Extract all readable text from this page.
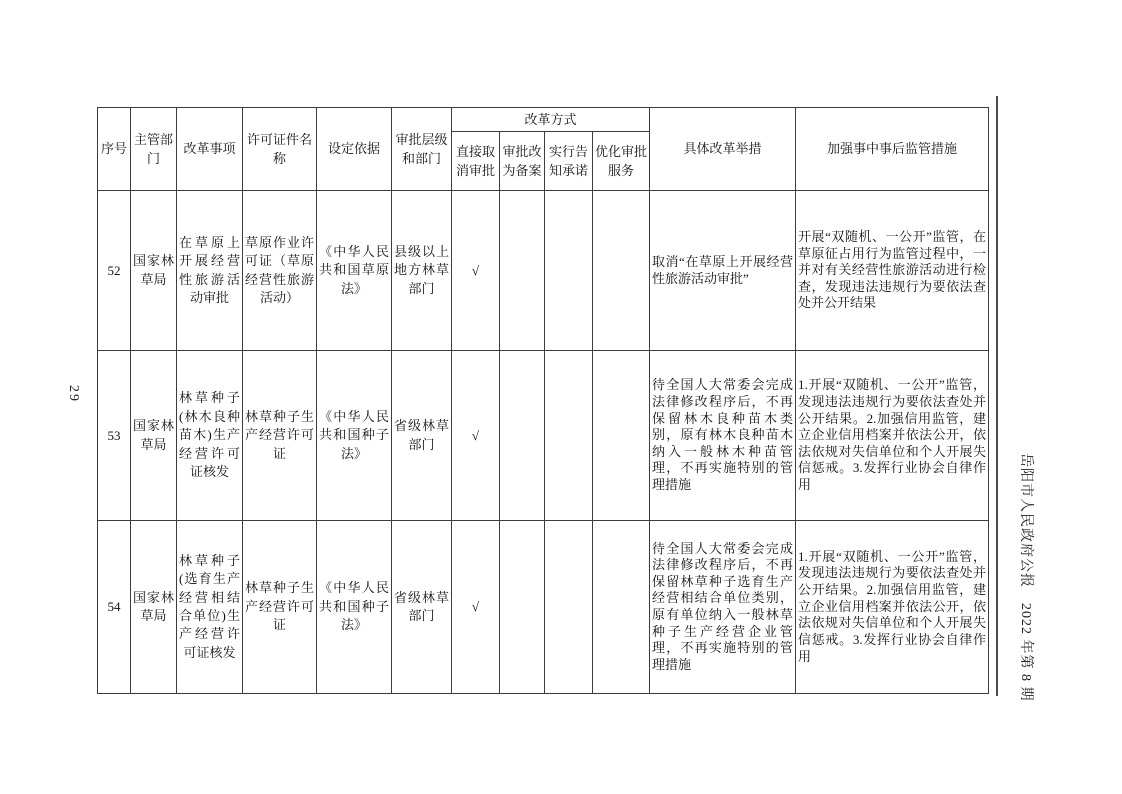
29
岳阳市人民政府公报　2022 年第 8 期
序号	主管部门	改革事项	许可证件名称	设定依据	审批层级和部门	改革方式				具体改革举措	加强事中事后监管措施
						直接取消审批	审批改为备案	实行告知承诺	优化审批服务		
52	国家林草局	在草原上开展经营性旅游活动审批	草原作业许可证（草原经营性旅游活动）	《中华人民共和国草原法》	县级以上地方林草部门	√				取消“在草原上开展经营性旅游活动审批”	开展“双随机、一公开”监管，在草原征占用行为监管过程中，一并对有关经营性旅游活动进行检查，发现违法违规行为要依法查处并公开结果
53	国家林草局	林草种子(林木良种苗木)生产经营许可证核发	林草种子生产经营许可证	《中华人民共和国种子法》	省级林草部门	√				待全国人大常委会完成法律修改程序后，不再保留林木良种苗木类别，原有林木良种苗木纳入一般林木种苗管理，不再实施特别的管理措施	1.开展“双随机、一公开”监管，发现违法违规行为要依法查处并公开结果。2.加强信用监管，建立企业信用档案并依法公开，依法依规对失信单位和个人开展失信惩戒。3.发挥行业协会自律作用
54	国家林草局	林草种子(选育生产经营相结合单位)生产经营许可证核发	林草种子生产经营许可证	《中华人民共和国种子法》	省级林草部门	√				待全国人大常委会完成法律修改程序后，不再保留林草种子选育生产经营相结合单位类别，原有单位纳入一般林草种子生产经营企业管理，不再实施特别的管理措施	1.开展“双随机、一公开”监管，发现违法违规行为要依法查处并公开结果。2.加强信用监管，建立企业信用档案并依法公开，依法依规对失信单位和个人开展失信惩戒。3.发挥行业协会自律作用
